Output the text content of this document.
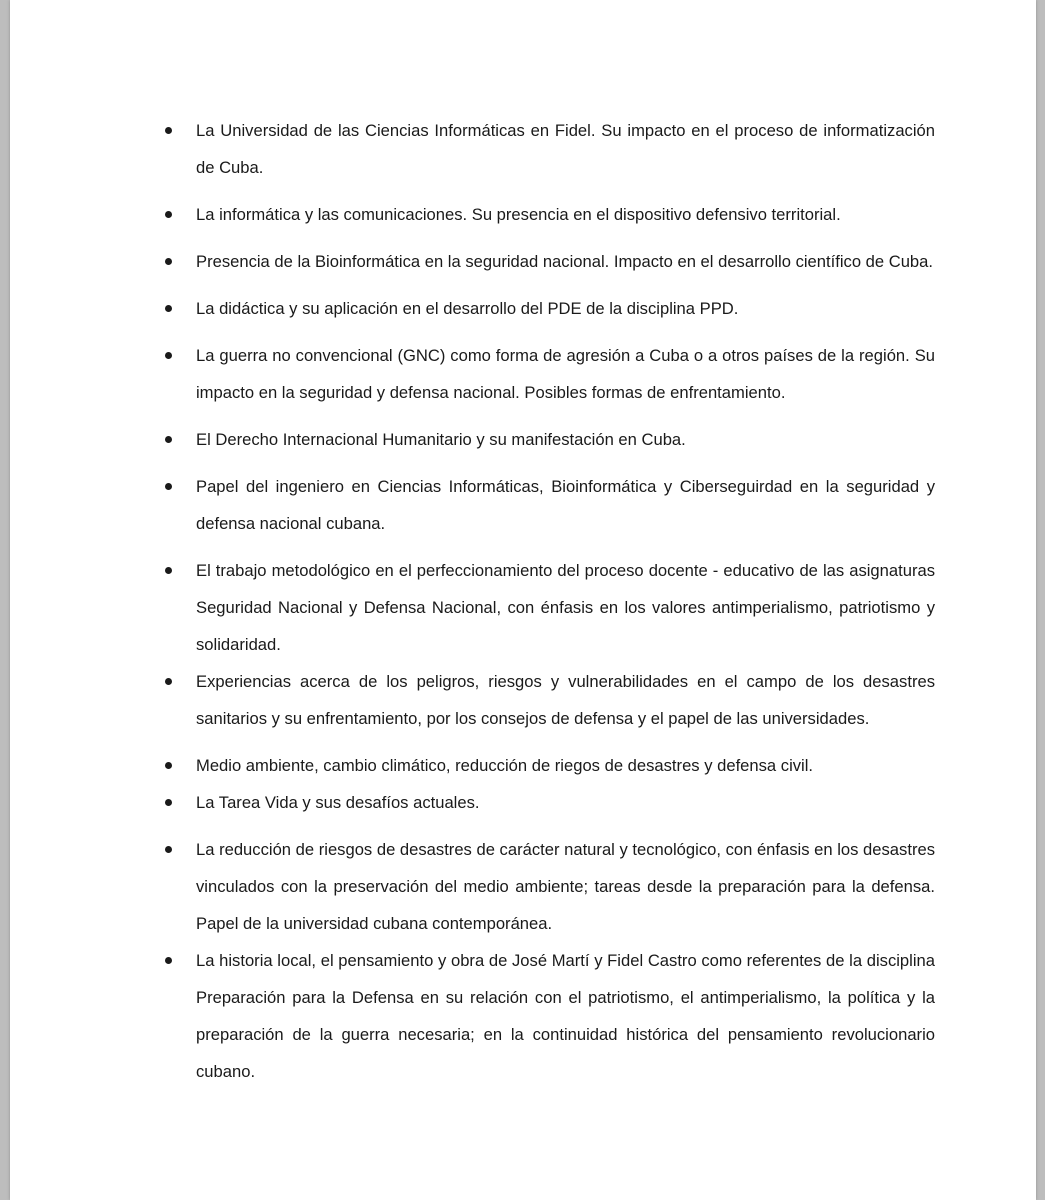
La Universidad de las Ciencias Informáticas en Fidel. Su impacto en el proceso de informatización de Cuba.
La informática y las comunicaciones. Su presencia en el dispositivo defensivo territorial.
Presencia de la Bioinformática en la seguridad nacional. Impacto en el desarrollo científico de Cuba.
La didáctica y su aplicación en el desarrollo del PDE de la disciplina PPD.
La guerra no convencional (GNC) como forma de agresión a Cuba o a otros países de la región. Su impacto en la seguridad y defensa nacional. Posibles formas de enfrentamiento.
El Derecho Internacional Humanitario y su manifestación en Cuba.
Papel del ingeniero en Ciencias Informáticas, Bioinformática y Ciberseguirdad en la seguridad y defensa nacional cubana.
El trabajo metodológico en el perfeccionamiento del proceso docente - educativo de las asignaturas Seguridad Nacional y Defensa Nacional, con énfasis en los valores antimperialismo, patriotismo y solidaridad.
Experiencias acerca de los peligros, riesgos y vulnerabilidades en el campo de los desastres sanitarios y su enfrentamiento, por los consejos de defensa y el papel de las universidades.
Medio ambiente, cambio climático, reducción de riegos de desastres y defensa civil.
La Tarea Vida y sus desafíos actuales.
La reducción de riesgos de desastres de carácter natural y tecnológico, con énfasis en los desastres vinculados con la preservación del medio ambiente; tareas desde la preparación para la defensa. Papel de la universidad cubana contemporánea.
La historia local, el pensamiento y obra de José Martí y Fidel Castro como referentes de la disciplina Preparación para la Defensa en su relación con el patriotismo, el antimperialismo, la política y la preparación de la guerra necesaria; en la continuidad histórica del pensamiento revolucionario cubano.
